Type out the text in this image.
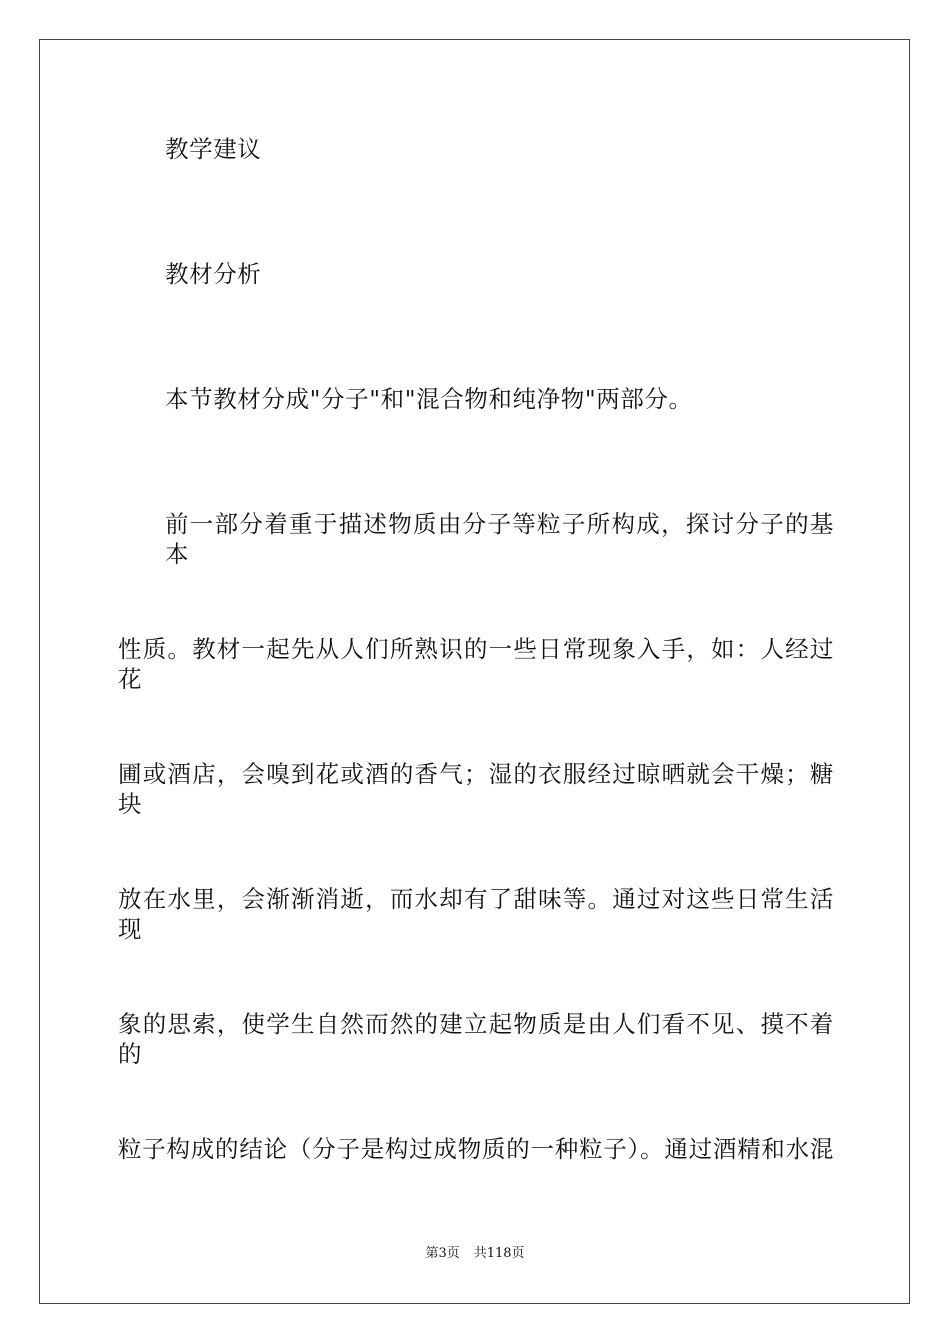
教学建议
教材分析
本节教材分成"分子"和"混合物和纯净物"两部分。
前一部分着重于描述物质由分子等粒子所构成，探讨分子的基本
性质。教材一起先从人们所熟识的一些日常现象入手，如：人经过花
圃或酒店，会嗅到花或酒的香气；湿的衣服经过晾晒就会干燥；糖块
放在水里，会渐渐消逝，而水却有了甜味等。通过对这些日常生活现
象的思索，使学生自然而然的建立起物质是由人们看不见、摸不着的
粒子构成的结论（分子是构过成物质的一种粒子）。通过酒精和水混
第3页 共118页
